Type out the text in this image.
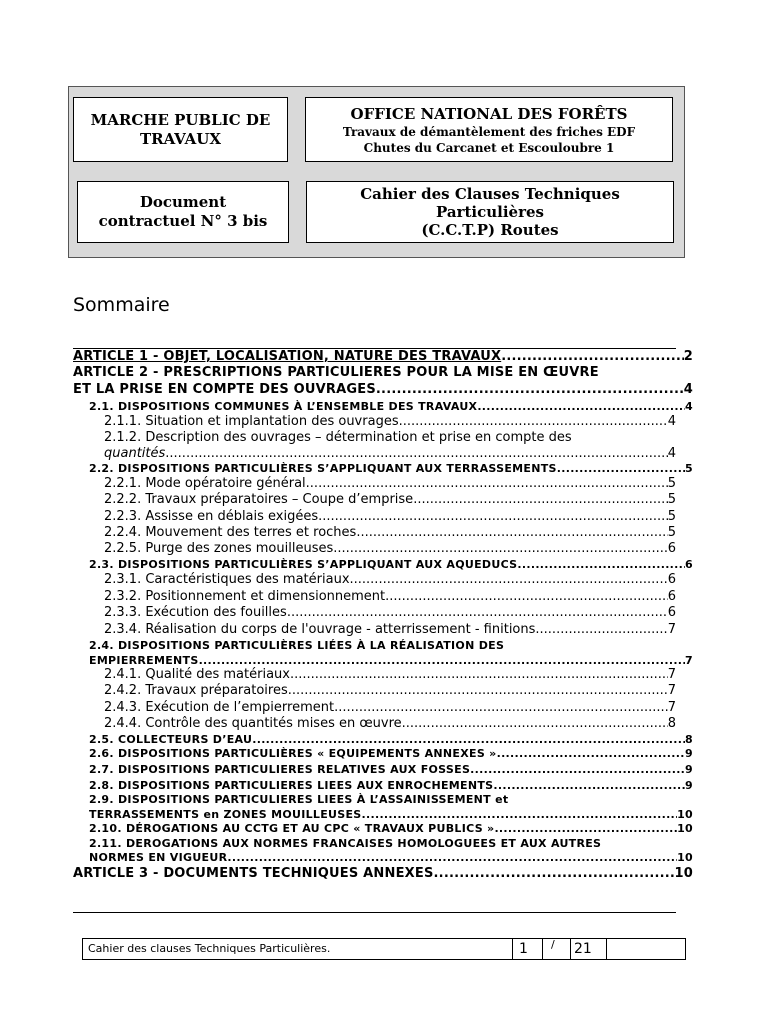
MARCHE PUBLIC DE
TRAVAUX
OFFICE NATIONAL DES FORÊTS
Travaux de démantèlement des friches EDF
Chutes du Carcanet et Escouloubre 1
Document
contractuel N° 3 bis
Cahier des Clauses Techniques
Particulières
(C.C.T.P) Routes
Sommaire
ARTICLE 1 - OBJET, LOCALISATION, NATURE DES TRAVAUX .....	2
ARTICLE 2 - PRESCRIPTIONS PARTICULIERES POUR LA MISE EN ŒUVRE
ET LA PRISE EN COMPTE DES OUVRAGES .....	4
2.1. DISPOSITIONS COMMUNES À L’ENSEMBLE DES TRAVAUX .....	4
2.1.1. Situation et implantation des ouvrages .....	4
2.1.2. Description des ouvrages – détermination et prise en compte des
quantités .....	4
2.2. DISPOSITIONS PARTICULIÈRES S’APPLIQUANT AUX TERRASSEMENTS .....	5
2.2.1. Mode opératoire général .....	5
2.2.2. Travaux préparatoires – Coupe d’emprise .....	5
2.2.3. Assisse en déblais exigées .....	5
2.2.4. Mouvement des terres et roches .....	5
2.2.5. Purge des zones mouilleuses .....	6
2.3. DISPOSITIONS PARTICULIÈRES S’APPLIQUANT AUX AQUEDUCS .....	6
2.3.1. Caractéristiques des matériaux .....	6
2.3.2. Positionnement et dimensionnement .....	6
2.3.3. Exécution des fouilles .....	6
2.3.4. Réalisation du corps de l'ouvrage - atterrissement - finitions .....	7
2.4. DISPOSITIONS PARTICULIÈRES LIÉES À LA RÉALISATION DES
EMPIERREMENTS .....	7
2.4.1. Qualité des matériaux .....	7
2.4.2. Travaux préparatoires .....	7
2.4.3. Exécution de l’empierrement .....	7
2.4.4. Contrôle des quantités mises en œuvre .....	8
2.5. COLLECTEURS D’EAU .....	8
2.6. DISPOSITIONS PARTICULIÈRES « EQUIPEMENTS ANNEXES » .....	9
2.7. DISPOSITIONS PARTICULIERES RELATIVES AUX FOSSES .....	9
2.8. DISPOSITIONS PARTICULIERES LIEES AUX ENROCHEMENTS .....	9
2.9. DISPOSITIONS PARTICULIERES LIEES À L’ASSAINISSEMENT et
TERRASSEMENTS en ZONES MOUILLEUSES .....	10
2.10. DÉROGATIONS AU CCTG ET AU CPC « TRAVAUX PUBLICS » .....	10
2.11. DEROGATIONS AUX NORMES FRANCAISES HOMOLOGUEES ET AUX AUTRES
NORMES EN VIGUEUR .....	10
ARTICLE 3 - DOCUMENTS TECHNIQUES ANNEXES .....	10
Cahier des clauses Techniques Particulières.	1	/	21
